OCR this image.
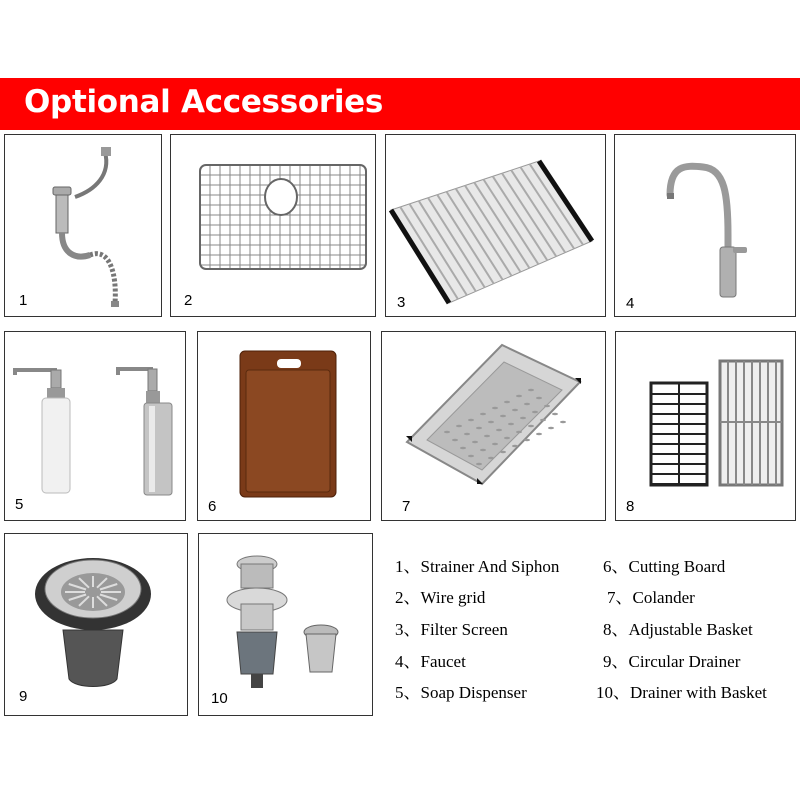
Optional Accessories
1	2	3	4
5	6	7	8
9	10
1、Strainer And Siphon
2、Wire grid
3、Filter Screen
4、Faucet
5、Soap Dispenser
6、Cutting Board
7、Colander
8、Adjustable Basket
9、Circular Drainer
10、Drainer with Basket
